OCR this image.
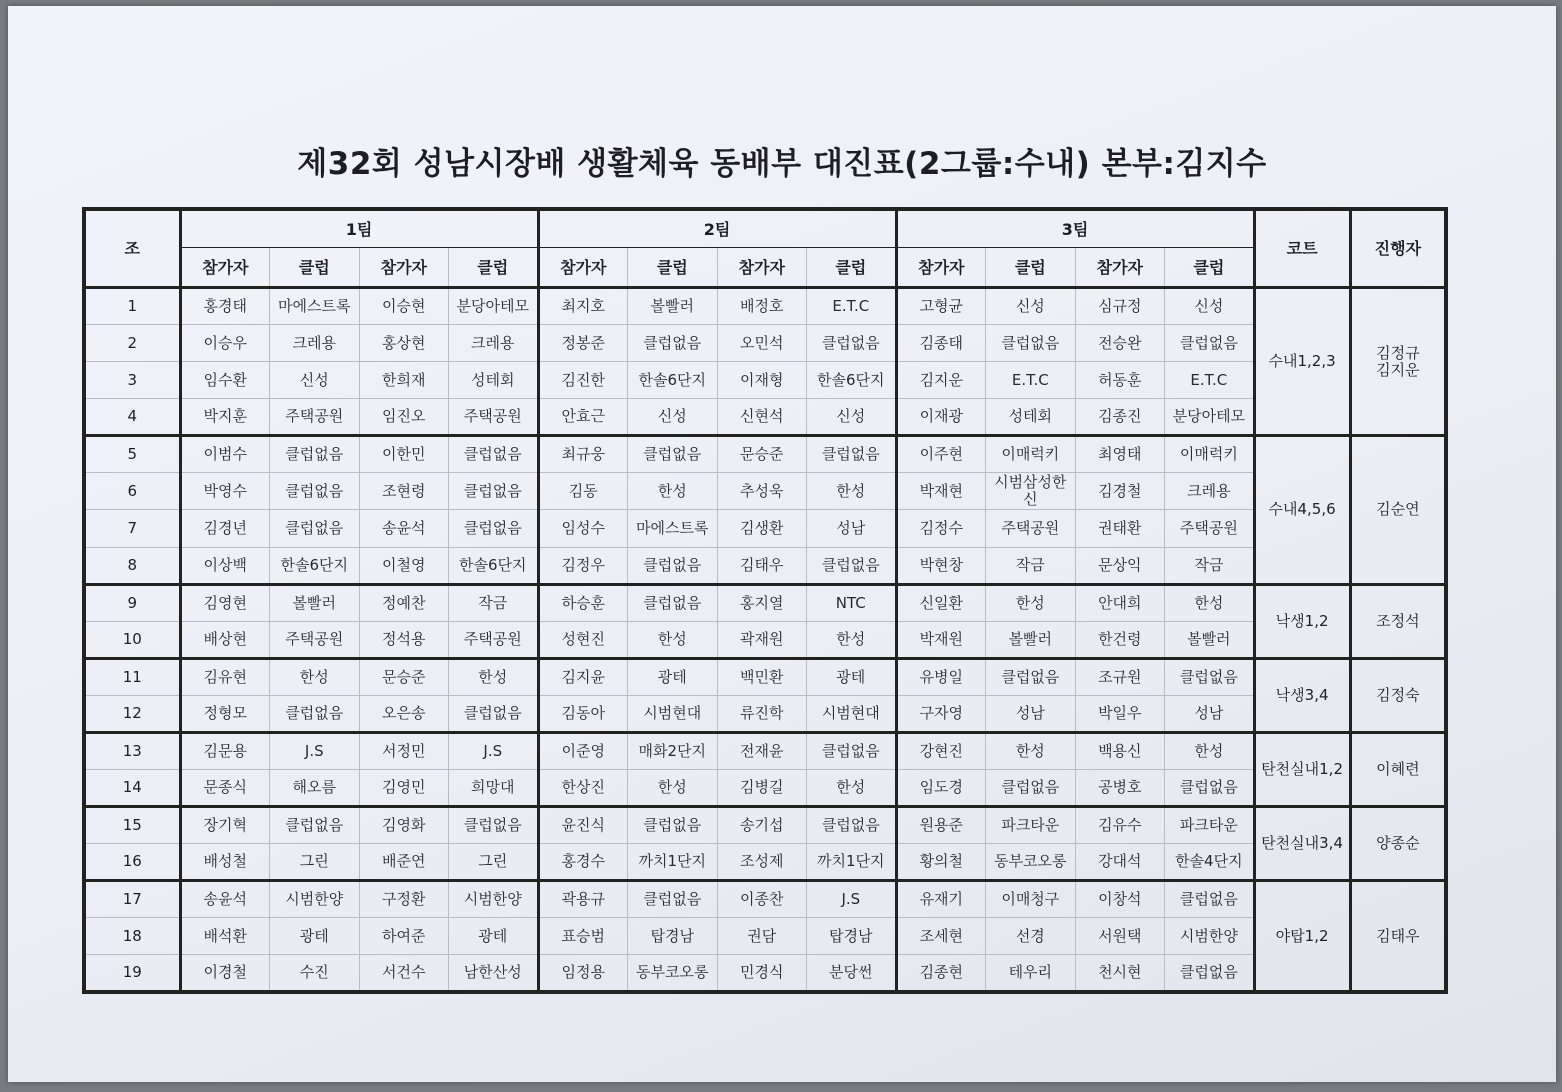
제32회 성남시장배 생활체육 동배부 대진표(2그룹:수내) 본부:김지수
조	1팀				2팀				3팀				코트	진행자
	참가자	클럽	참가자	클럽	참가자	클럽	참가자	클럽	참가자	클럽	참가자	클럽		
1	홍경태	마에스트록	이승현	분당아테모	최지호	볼빨러	배정호	E.T.C	고형균	신성	심규정	신성	수내1,2,3	김정규
김지운

2	이승우	크레용	홍상현	크레용	정봉준	클럽없음	오민석	클럽없음	김종태	클럽없음	전승완	클럽없음		
3	임수환	신성	한희재	성테회	김진한	한솔6단지	이재형	한솔6단지	김지운	E.T.C	허동훈	E.T.C		
4	박지훈	주택공원	임진오	주택공원	안효근	신성	신현석	신성	이재광	성테회	김종진	분당아테모		
5	이범수	클럽없음	이한민	클럽없음	최규웅	클럽없음	문승준	클럽없음	이주현	이매럭키	최영태	이매럭키	수내4,5,6	김순연

6	박영수	클럽없음	조현령	클럽없음	김동	한성	추성욱	한성	박재현	시범삼성한신	김경철	크레용		
7	김경년	클럽없음	송윤석	클럽없음	임성수	마에스트록	김생환	성남	김정수	주택공원	권태환	주택공원		
8	이상백	한솔6단지	이철영	한솔6단지	김정우	클럽없음	김태우	클럽없음	박현창	작금	문상익	작금		
9	김영현	볼빨러	정예찬	작금	하승훈	클럽없음	홍지열	NTC	신일환	한성	안대희	한성	낙생1,2	조정석

10	배상현	주택공원	정석용	주택공원	성현진	한성	곽재원	한성	박재원	볼빨러	한건령	볼빨러		
11	김유현	한성	문승준	한성	김지윤	광테	백민환	광테	유병일	클럽없음	조규원	클럽없음	낙생3,4	김정숙

12	정형모	클럽없음	오은송	클럽없음	김동아	시범현대	류진학	시범현대	구자영	성남	박일우	성남		
13	김문용	J.S	서정민	J.S	이준영	매화2단지	전재윤	클럽없음	강현진	한성	백용신	한성	탄천실내1,2	이혜련

14	문종식	해오름	김영민	희망대	한상진	한성	김병길	한성	임도경	클럽없음	공병호	클럽없음		
15	장기혁	클럽없음	김영화	클럽없음	윤진식	클럽없음	송기섭	클럽없음	원용준	파크타운	김유수	파크타운	탄천실내3,4	양종순

16	배성철	그린	배준연	그린	홍경수	까치1단지	조성제	까치1단지	황의철	동부코오롱	강대석	한솔4단지		
17	송윤석	시범한양	구정환	시범한양	곽용규	클럽없음	이종찬	J.S	유재기	이매청구	이창석	클럽없음	야탑1,2	김태우

18	배석환	광테	하여준	광테	표승범	탑경남	권담	탑경남	조세현	선경	서원택	시범한양		
19	이경철	수진	서건수	남한산성	임정용	동부코오롱	민경식	분당썬	김종현	테우리	천시현	클럽없음		
